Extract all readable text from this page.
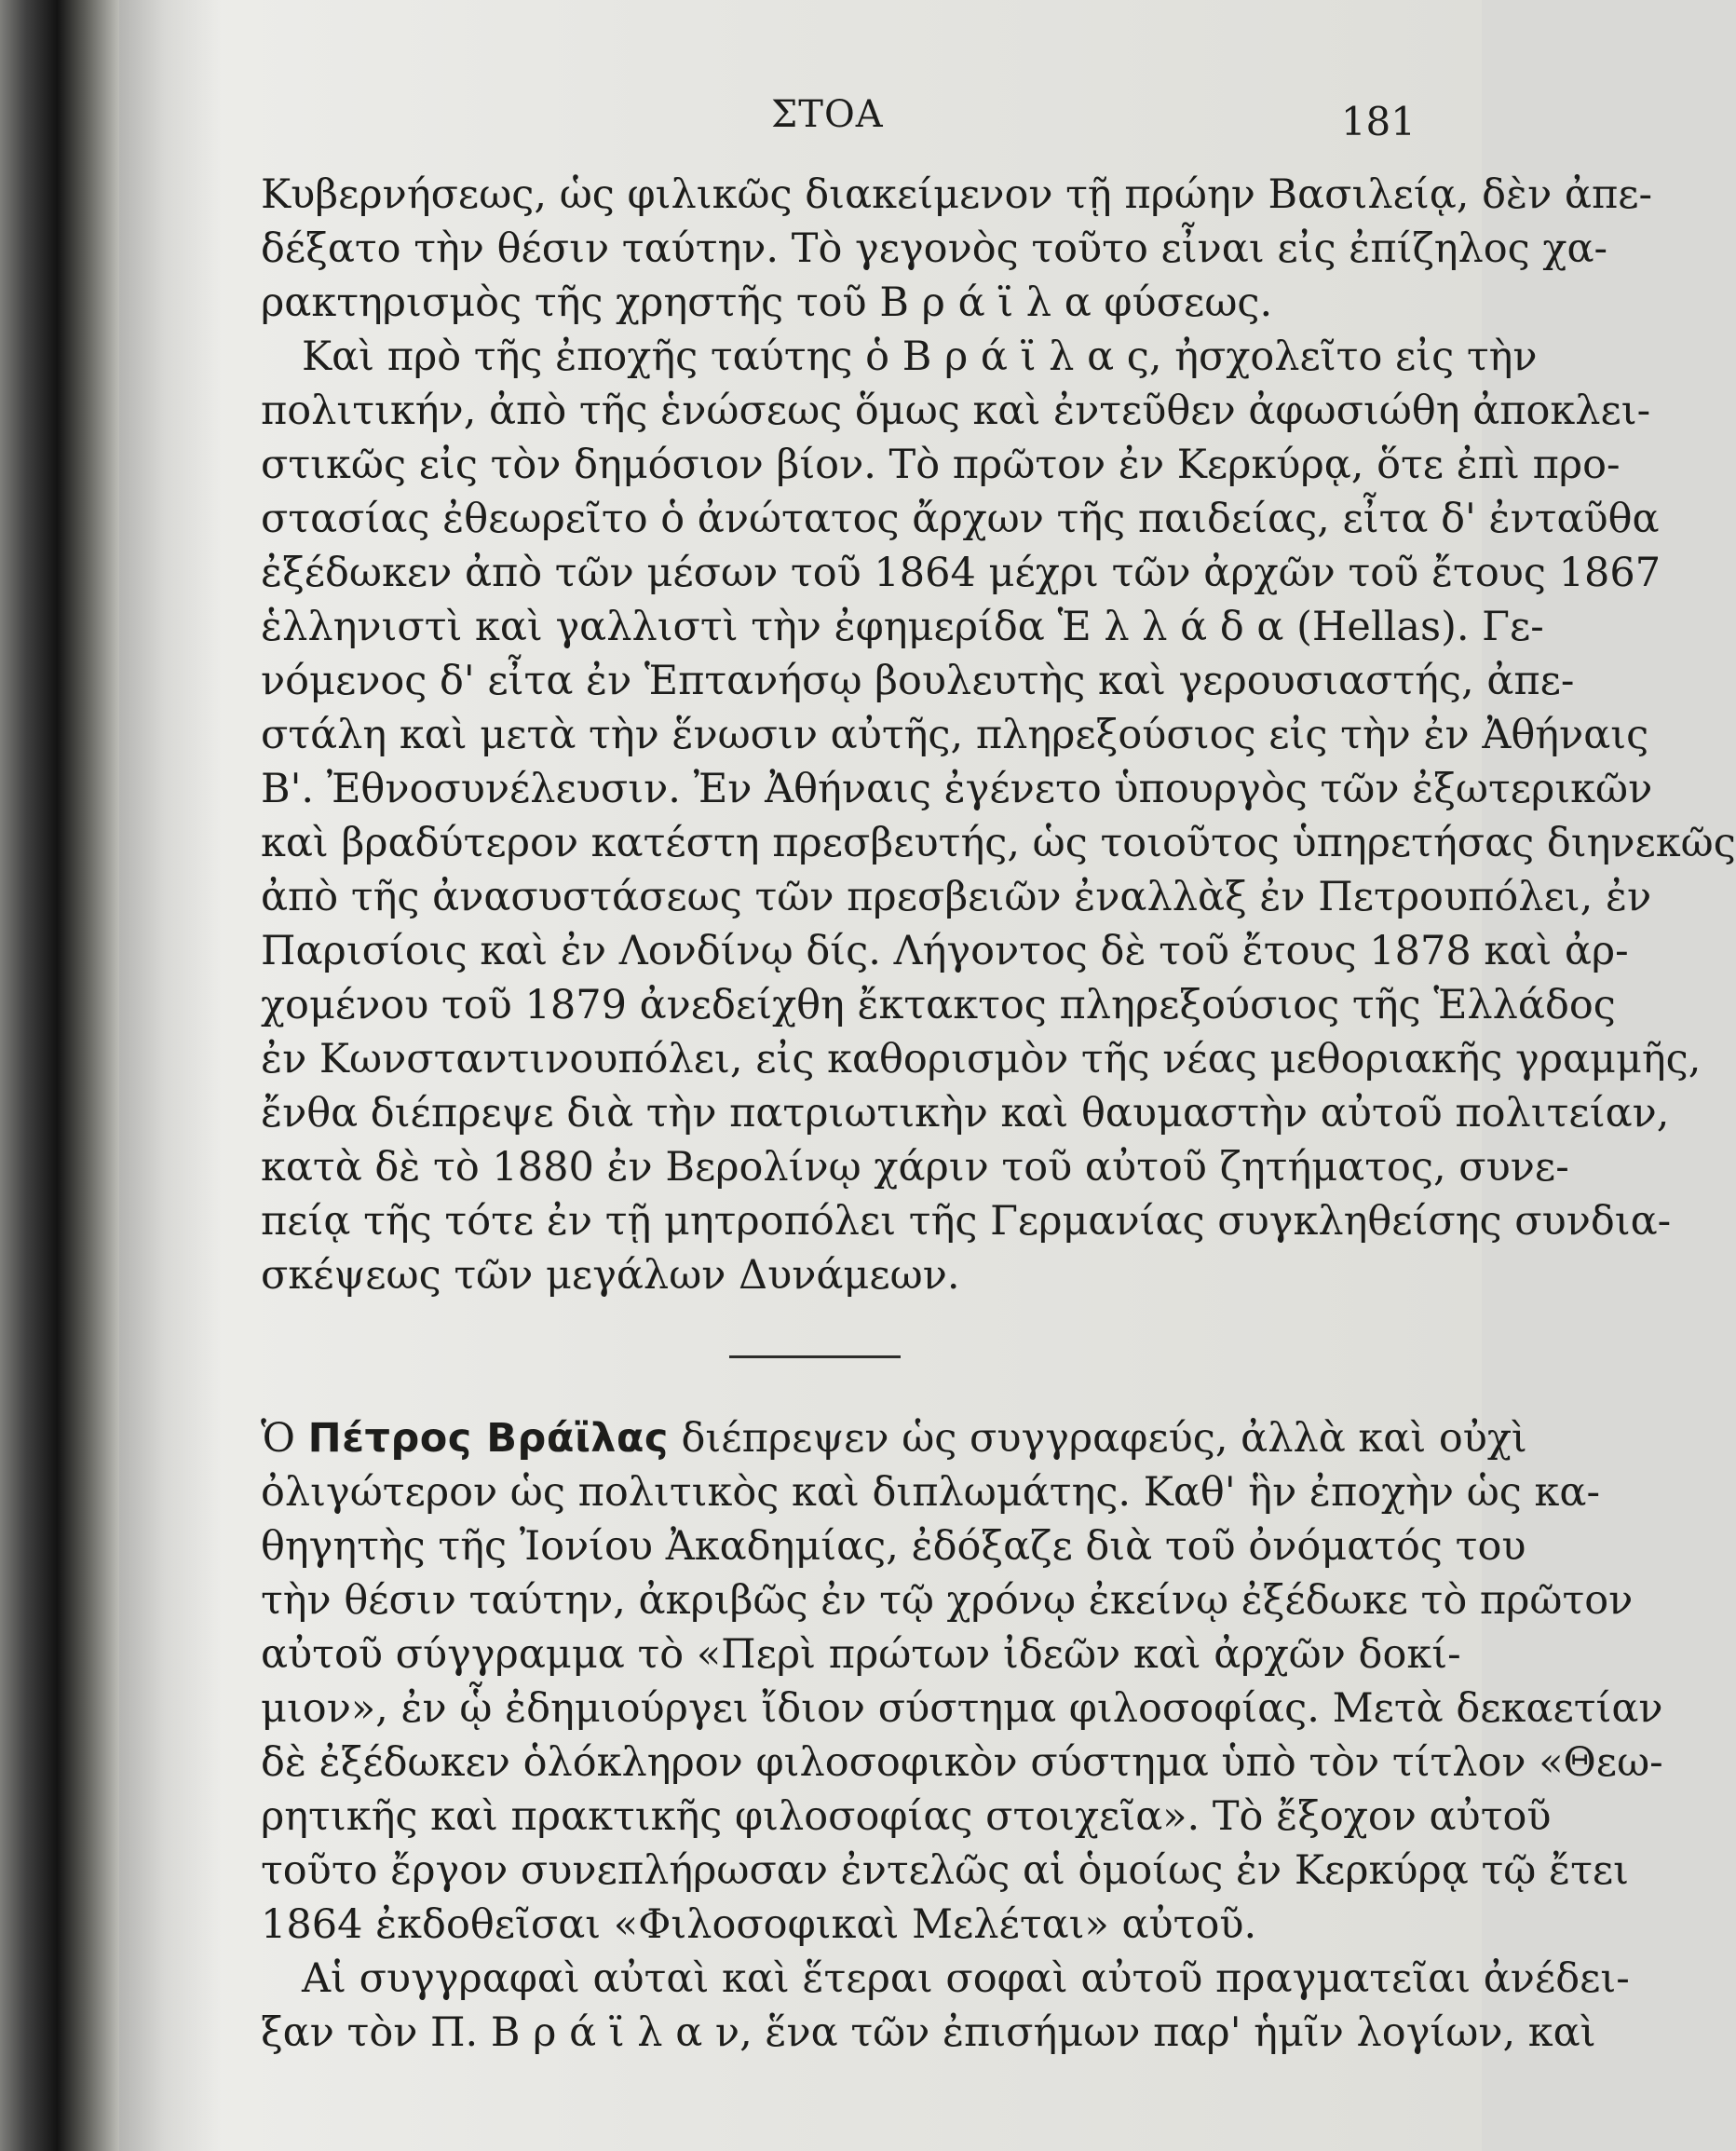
ΣΤΟΑ	181
Κυβερνήσεως, ὡς φιλικῶς διακείμενον τῇ πρώην Βασιλείᾳ, δὲν ἀπε-
δέξατο τὴν θέσιν ταύτην. Τὸ γεγονὸς τοῦτο εἶναι εἰς ἐπίζηλος χα-
ρακτηρισμὸς τῆς χρηστῆς τοῦ Β ρ ά ϊ λ α φύσεως.
Καὶ πρὸ τῆς ἐποχῆς ταύτης ὁ Β ρ ά ϊ λ α ς, ἠσχολεῖτο εἰς τὴν
πολιτικήν, ἀπὸ τῆς ἑνώσεως ὅμως καὶ ἐντεῦθεν ἀφωσιώθη ἀποκλει-
στικῶς εἰς τὸν δημόσιον βίον. Τὸ πρῶτον ἐν Κερκύρᾳ, ὅτε ἐπὶ προ-
στασίας ἐθεωρεῖτο ὁ ἀνώτατος ἄρχων τῆς παιδείας, εἶτα δ' ἐνταῦθα
ἐξέδωκεν ἀπὸ τῶν μέσων τοῦ 1864 μέχρι τῶν ἀρχῶν τοῦ ἔτους 1867
ἑλληνιστὶ καὶ γαλλιστὶ τὴν ἐφημερίδα Ἑ λ λ ά δ α (Hellas). Γε-
νόμενος δ' εἶτα ἐν Ἑπτανήσῳ βουλευτὴς καὶ γερουσιαστής, ἀπε-
στάλη καὶ μετὰ τὴν ἕνωσιν αὐτῆς, πληρεξούσιος εἰς τὴν ἐν Ἀθήναις
Β'. Ἐθνοσυνέλευσιν. Ἐν Ἀθήναις ἐγένετο ὑπουργὸς τῶν ἐξωτερικῶν
καὶ βραδύτερον κατέστη πρεσβευτής, ὡς τοιοῦτος ὑπηρετήσας διηνεκῶς
ἀπὸ τῆς ἀνασυστάσεως τῶν πρεσβειῶν ἐναλλὰξ ἐν Πετρουπόλει, ἐν
Παρισίοις καὶ ἐν Λονδίνῳ δίς. Λήγοντος δὲ τοῦ ἔτους 1878 καὶ ἀρ-
χομένου τοῦ 1879 ἀνεδείχθη ἔκτακτος πληρεξούσιος τῆς Ἑλλάδος
ἐν Κωνσταντινουπόλει, εἰς καθορισμὸν τῆς νέας μεθοριακῆς γραμμῆς,
ἔνθα διέπρεψε διὰ τὴν πατριωτικὴν καὶ θαυμαστὴν αὐτοῦ πολιτείαν,
κατὰ δὲ τὸ 1880 ἐν Βερολίνῳ χάριν τοῦ αὐτοῦ ζητήματος, συνε-
πείᾳ τῆς τότε ἐν τῇ μητροπόλει τῆς Γερμανίας συγκληθείσης συνδια-
σκέψεως τῶν μεγάλων Δυνάμεων.
Ὁ Πέτρος Βράϊλας διέπρεψεν ὡς συγγραφεύς, ἀλλὰ καὶ οὐχὶ
ὀλιγώτερον ὡς πολιτικὸς καὶ διπλωμάτης. Καθ' ἣν ἐποχὴν ὡς κα-
θηγητὴς τῆς Ἰονίου Ἀκαδημίας, ἐδόξαζε διὰ τοῦ ὀνόματός του
τὴν θέσιν ταύτην, ἀκριβῶς ἐν τῷ χρόνῳ ἐκείνῳ ἐξέδωκε τὸ πρῶτον
αὐτοῦ σύγγραμμα τὸ «Περὶ πρώτων ἰδεῶν καὶ ἀρχῶν δοκί-
μιον», ἐν ᾧ ἐδημιούργει ἴδιον σύστημα φιλοσοφίας. Μετὰ δεκαετίαν
δὲ ἐξέδωκεν ὁλόκληρον φιλοσοφικὸν σύστημα ὑπὸ τὸν τίτλον «Θεω-
ρητικῆς καὶ πρακτικῆς φιλοσοφίας στοιχεῖα». Τὸ ἔξοχον αὐτοῦ
τοῦτο ἔργον συνεπλήρωσαν ἐντελῶς αἱ ὁμοίως ἐν Κερκύρᾳ τῷ ἔτει
1864 ἐκδοθεῖσαι «Φιλοσοφικαὶ Μελέται» αὐτοῦ.
Αἱ συγγραφαὶ αὐταὶ καὶ ἕτεραι σοφαὶ αὐτοῦ πραγματεῖαι ἀνέδει-
ξαν τὸν Π. Β ρ ά ϊ λ α ν, ἕνα τῶν ἐπισήμων παρ' ἡμῖν λογίων, καὶ
